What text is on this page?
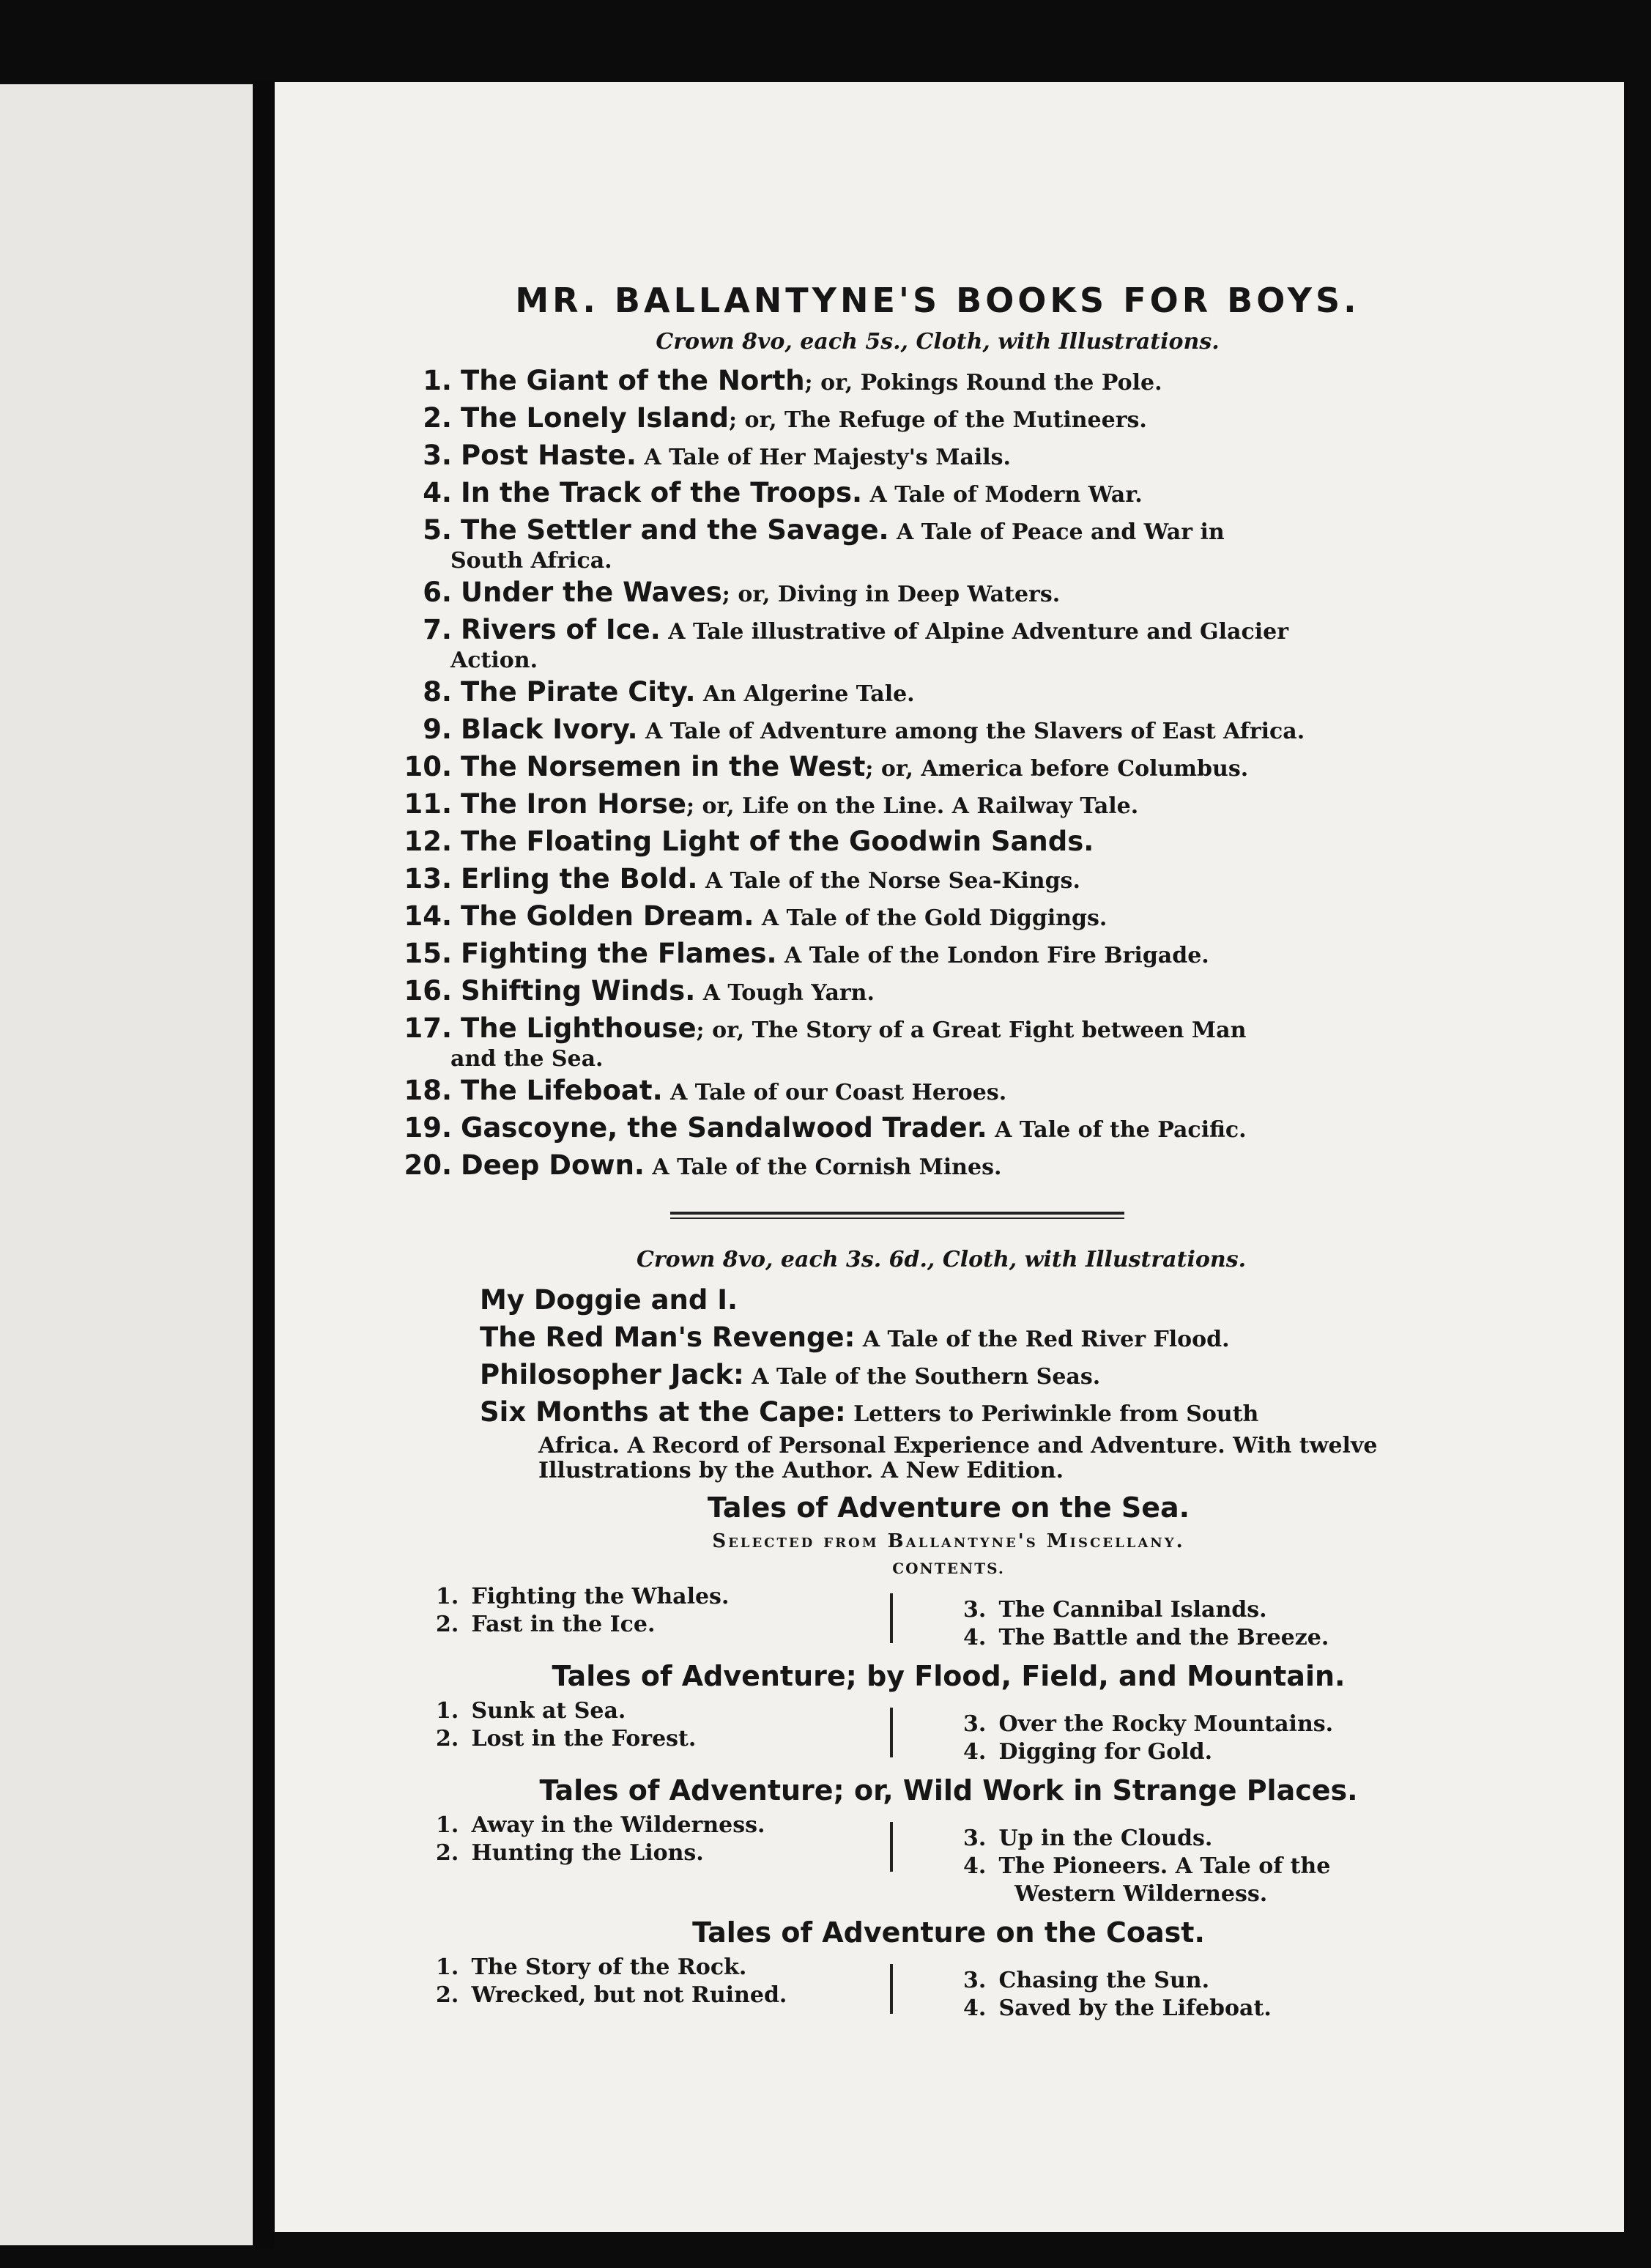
MR. BALLANTYNE'S BOOKS FOR BOYS.
Crown 8vo, each 5s., Cloth, with Illustrations.
1. The Giant of the North; or, Pokings Round the Pole.
2. The Lonely Island; or, The Refuge of the Mutineers.
3. Post Haste. A Tale of Her Majesty's Mails.
4. In the Track of the Troops. A Tale of Modern War.
5. The Settler and the Savage. A Tale of Peace and War in
South Africa.
6. Under the Waves; or, Diving in Deep Waters.
7. Rivers of Ice. A Tale illustrative of Alpine Adventure and Glacier
Action.
8. The Pirate City. An Algerine Tale.
9. Black Ivory. A Tale of Adventure among the Slavers of East Africa.
10. The Norsemen in the West; or, America before Columbus.
11. The Iron Horse; or, Life on the Line. A Railway Tale.
12. The Floating Light of the Goodwin Sands.
13. Erling the Bold. A Tale of the Norse Sea-Kings.
14. The Golden Dream. A Tale of the Gold Diggings.
15. Fighting the Flames. A Tale of the London Fire Brigade.
16. Shifting Winds. A Tough Yarn.
17. The Lighthouse; or, The Story of a Great Fight between Man
and the Sea.
18. The Lifeboat. A Tale of our Coast Heroes.
19. Gascoyne, the Sandalwood Trader. A Tale of the Pacific.
20. Deep Down. A Tale of the Cornish Mines.
Crown 8vo, each 3s. 6d., Cloth, with Illustrations.
My Doggie and I.
The Red Man's Revenge: A Tale of the Red River Flood.
Philosopher Jack: A Tale of the Southern Seas.
Six Months at the Cape: Letters to Periwinkle from South
Africa. A Record of Personal Experience and Adventure. With twelve Illustrations by the Author. A New Edition.
Tales of Adventure on the Sea.
Selected from Ballantyne's Miscellany.
CONTENTS.
1. Fighting the Whales.
2. Fast in the Ice.
3. The Cannibal Islands.
4. The Battle and the Breeze.
Tales of Adventure; by Flood, Field, and Mountain.
1. Sunk at Sea.
2. Lost in the Forest.
3. Over the Rocky Mountains.
4. Digging for Gold.
Tales of Adventure; or, Wild Work in Strange Places.
1. Away in the Wilderness.
2. Hunting the Lions.
3. Up in the Clouds.
4. The Pioneers. A Tale of the
Western Wilderness.
Tales of Adventure on the Coast.
1. The Story of the Rock.
2. Wrecked, but not Ruined.
3. Chasing the Sun.
4. Saved by the Lifeboat.
